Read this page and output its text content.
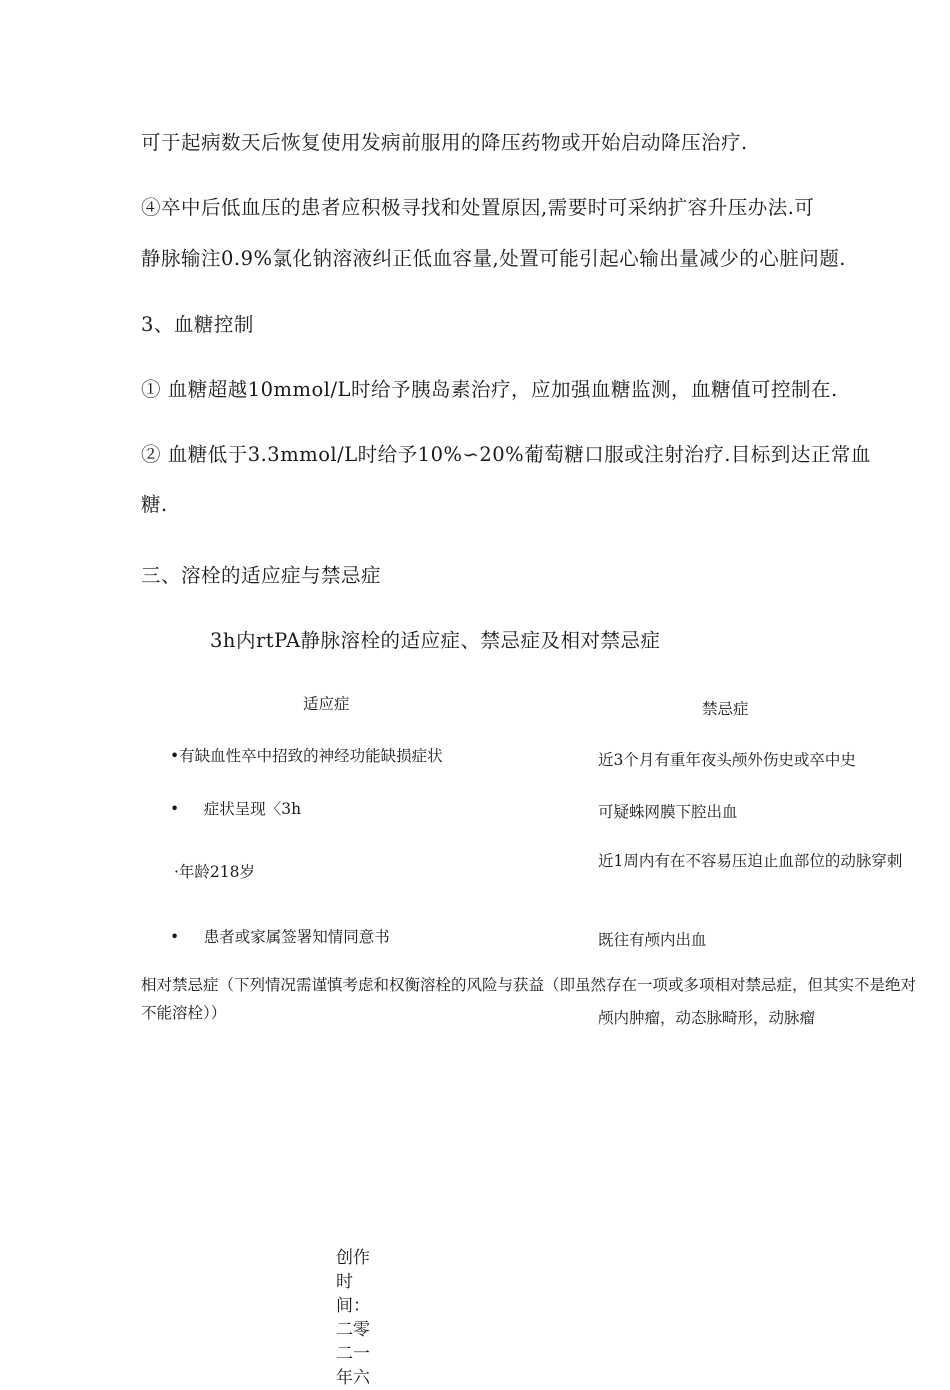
可于起病数天后恢复使用发病前服用的降压药物或开始启动降压治疗.
④卒中后低血压的患者应积极寻找和处置原因,需要时可采纳扩容升压办法.可
静脉输注0.9%氯化钠溶液纠正低血容量,处置可能引起心输出量减少的心脏问题.
3、血糖控制
① 血糖超越10mmol/L时给予胰岛素治疗，应加强血糖监测，血糖值可控制在.
② 血糖低于3.3mmol/L时给予10%∽20%葡萄糖口服或注射治疗.目标到达正常血
糖.
三、溶栓的适应症与禁忌症
3h内rtPA静脉溶栓的适应症、禁忌症及相对禁忌症
适应症	禁忌症
•有缺血性卒中招致的神经功能缺损症状
•     症状呈现〈3h
·年龄218岁
•     患者或家属签署知情同意书
近3个月有重年夜头颅外伤史或卒中史
可疑蛛网膜下腔出血
近1周内有在不容易压迫止血部位的动脉穿刺
既往有颅内出血
相对禁忌症（下列情况需谨慎考虑和权衡溶栓的风险与获益（即虽然存在一项或多项相对禁忌症，但其实不是绝对不能溶栓））	颅内肿瘤，动态脉畸形，动脉瘤
创作时间：二零二一年六
